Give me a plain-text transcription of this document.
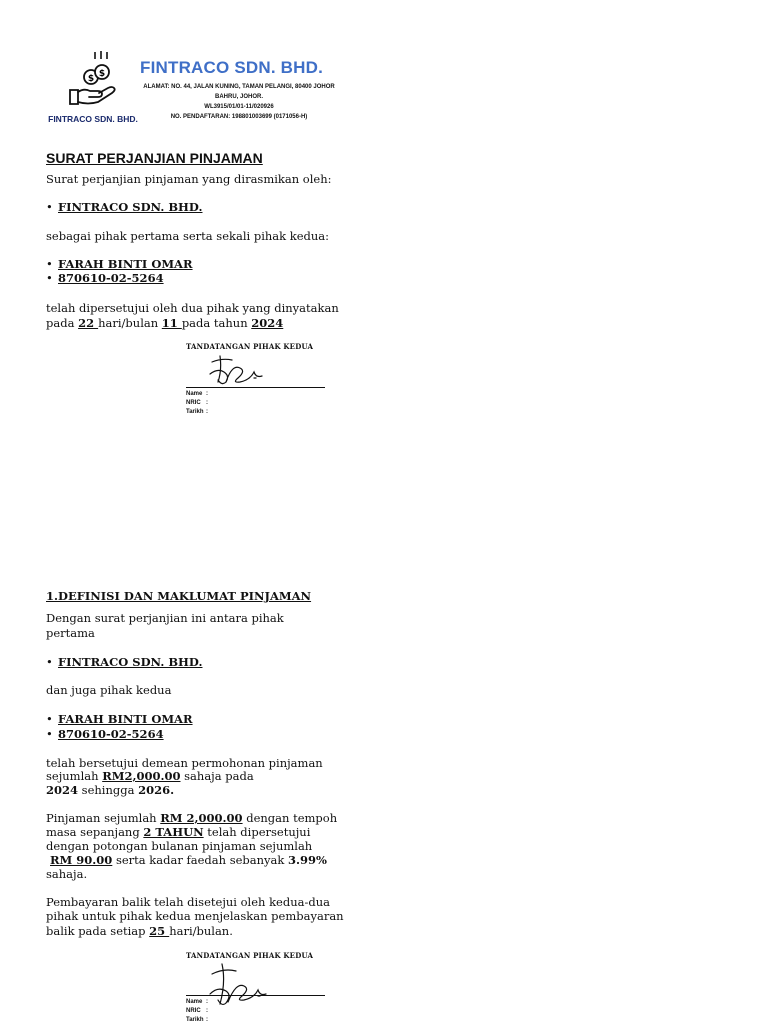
$ $
FINTRACO SDN. BHD.
FINTRACO SDN. BHD.
ALAMAT: NO. 44, JALAN KUNING, TAMAN PELANGI, 80400 JOHOR
BAHRU, JOHOR.
WL3915/01/01-11/020926
NO. PENDAFTARAN: 198801003699 (0171056-H)
SURAT PERJANJIAN PINJAMAN
Surat perjanjian pinjaman yang dirasmikan oleh:
• FINTRACO SDN. BHD.
sebagai pihak pertama serta sekali pihak kedua:
• FARAH BINTI OMAR
• 870610-02-5264
telah dipersetujui oleh dua pihak yang dinyatakan
pada 22 hari/bulan 11 pada tahun 2024
TANDATANGAN PIHAK KEDUA
Name :
NRIC :
Tarikh :
1.DEFINISI DAN MAKLUMAT PINJAMAN
Dengan surat perjanjian ini antara pihak
pertama
• FINTRACO SDN. BHD.
dan juga pihak kedua
• FARAH BINTI OMAR
• 870610-02-5264
telah bersetujui demean permohonan pinjaman
sejumlah RM2,000.00 sahaja pada
2024 sehingga 2026.
Pinjaman sejumlah RM 2,000.00 dengan tempoh
masa sepanjang 2 TAHUN telah dipersetujui
dengan potongan bulanan pinjaman sejumlah
RM 90.00 serta kadar faedah sebanyak 3.99%
sahaja.
Pembayaran balik telah disetejui oleh kedua-dua
pihak untuk pihak kedua menjelaskan pembayaran
balik pada setiap 25 hari/bulan.
TANDATANGAN PIHAK KEDUA
Name :
NRIC :
Tarikh :
